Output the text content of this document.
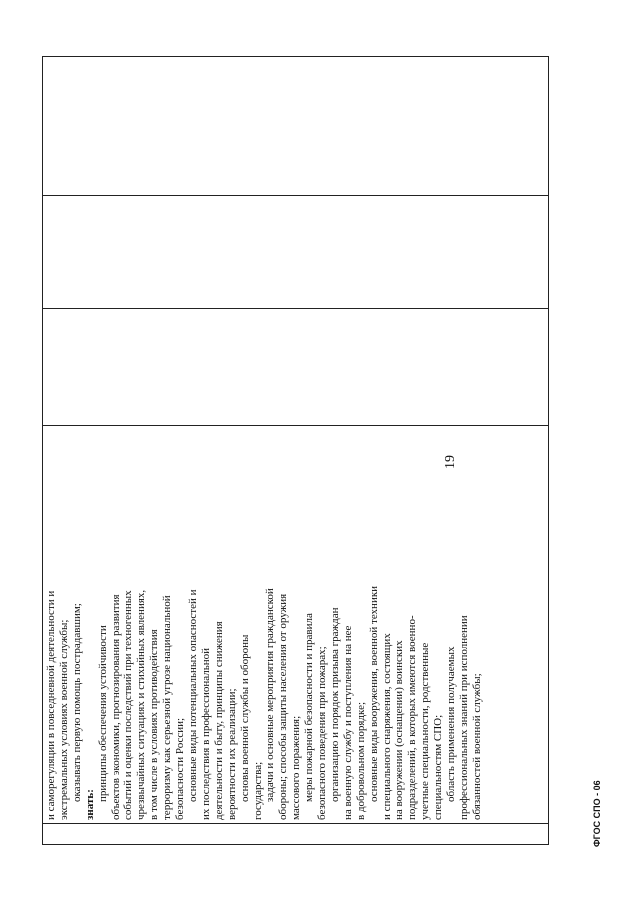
19

и саморегуляции в повседневной деятельности и экстремальных условиях военной службы; оказывать первую помощь пострадавшим;
знать:
принципы обеспечения устойчивости объектов экономики, прогнозирования развития событий и оценки последствий при техногенных чрезвычайных ситуациях и стихийных явлениях, в том числе в условиях противодействия терроризму как серьезной угрозе национальной безопасности России; основные виды потенциальных опасностей и их последствия в профессиональной деятельности и быту, принципы снижения вероятности их реализации; основы военной службы и обороны государства; задачи и основные мероприятия гражданской обороны; способы защиты населения от оружия массового поражения; меры пожарной безопасности и правила безопасного поведения при пожарах; организацию и порядок призыва граждан на военную службу и поступления на нее в добровольном порядке; основные виды вооружения, военной техники и специального снаряжения, состоящих на вооружении (оснащении) воинских подразделений, в которых имеются военно- учетные специальности, родственные специальностям СПО; область применения получаемых профессиональных знаний при исполнении обязанностей военной службы;
				ФГОС СПО - 06
